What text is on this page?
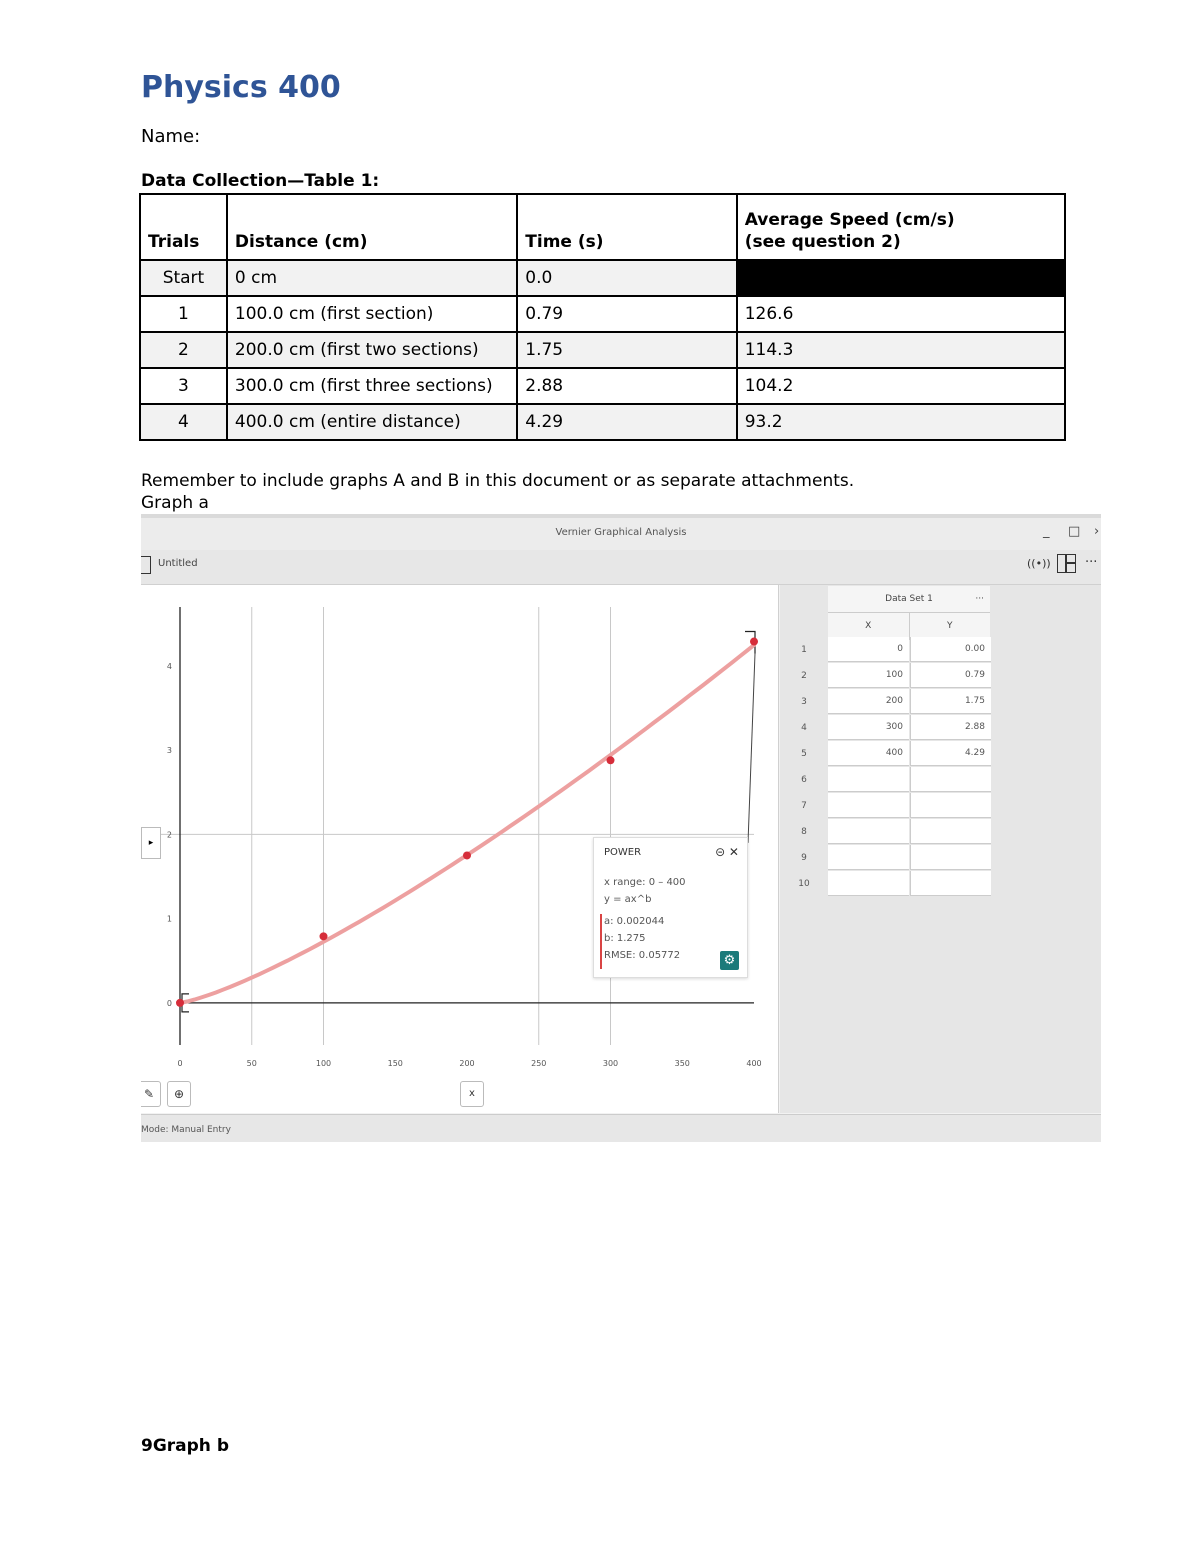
Physics 400
Name:
Data Collection—Table 1:
Trials	Distance (cm)	Time (s)	Average Speed (cm/s)
(see question 2)
Start	0 cm	0.0	
1	100.0 cm (first section)	0.79	126.6
2	200.0 cm (first two sections)	1.75	114.3
3	300.0 cm (first three sections)	2.88	104.2
4	400.0 cm (entire distance)	4.29	93.2
Remember to include graphs A and B in this document or as separate attachments.
Graph a
Vernier Graphical Analysis	_ □ ›
Untitled	((•))	···
0	50	100	150	200	250	300	350	400
0
1
2
3
4
▸
✎	⊕	x
Data Set 1	···
X	Y
1	0	0.00
2	100	0.79
3	200	1.75
4	300	2.88
5	400	4.29
6
7
8
9
10
POWER	⊝ ✕
x range: 0 – 400
y = ax^b
a: 0.002044
b: 1.275
RMSE: 0.05772	⚙
Mode: Manual Entry
9Graph b
